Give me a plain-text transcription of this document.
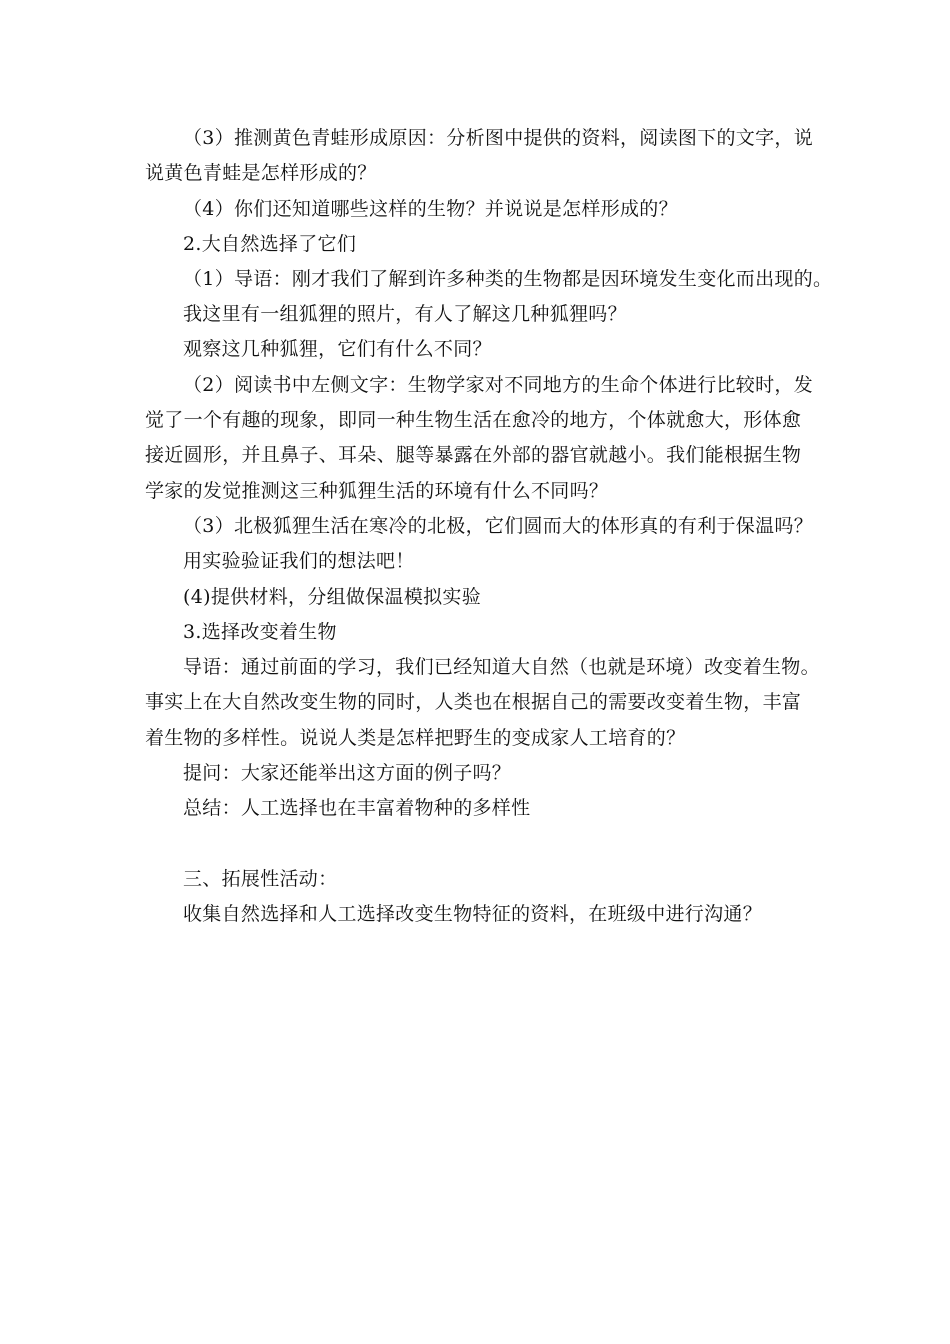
（3）推测黄色青蛙形成原因：分析图中提供的资料，阅读图下的文字，说
说黄色青蛙是怎样形成的？
（4）你们还知道哪些这样的生物？并说说是怎样形成的？
2.大自然选择了它们
（1）导语：刚才我们了解到许多种类的生物都是因环境发生变化而出现的。
我这里有一组狐狸的照片，有人了解这几种狐狸吗？
观察这几种狐狸，它们有什么不同？
（2）阅读书中左侧文字：生物学家对不同地方的生命个体进行比较时，发
觉了一个有趣的现象，即同一种生物生活在愈冷的地方，个体就愈大，形体愈
接近圆形，并且鼻子、耳朵、腿等暴露在外部的器官就越小。我们能根据生物
学家的发觉推测这三种狐狸生活的环境有什么不同吗？
（3）北极狐狸生活在寒冷的北极，它们圆而大的体形真的有利于保温吗？
用实验验证我们的想法吧！
(4)提供材料，分组做保温模拟实验
3.选择改变着生物
导语：通过前面的学习，我们已经知道大自然（也就是环境）改变着生物。
事实上在大自然改变生物的同时，人类也在根据自己的需要改变着生物，丰富
着生物的多样性。说说人类是怎样把野生的变成家人工培育的？
提问：大家还能举出这方面的例子吗？
总结：人工选择也在丰富着物种的多样性
三、拓展性活动：
收集自然选择和人工选择改变生物特征的资料，在班级中进行沟通？
